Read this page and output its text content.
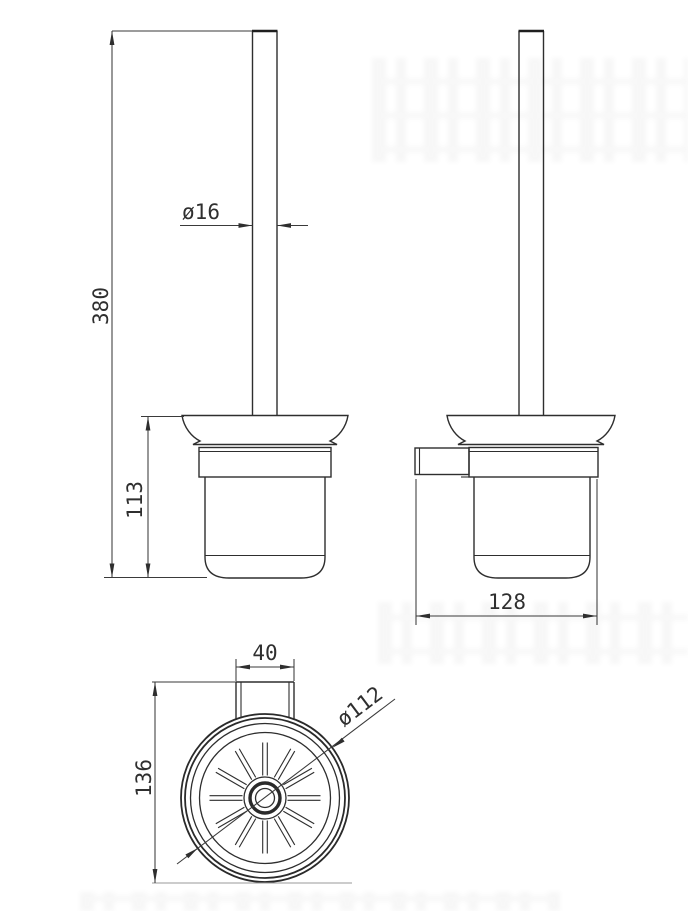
380
113
ø16
128
ø112
40
136
